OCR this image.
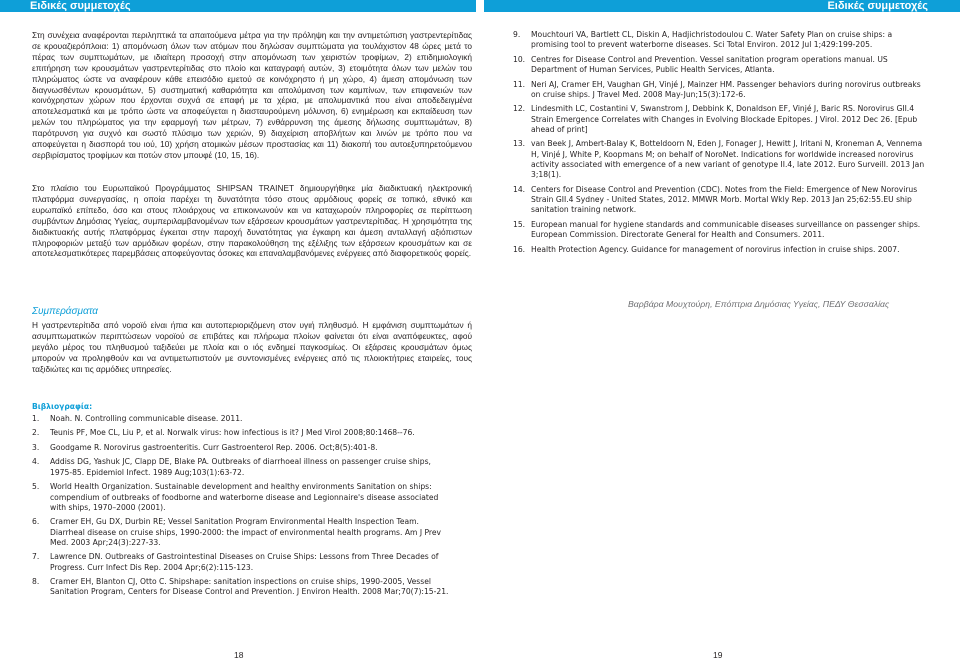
Ειδικές συμμετοχές	Ειδικές συμμετοχές

Στη συνέχεια αναφέρονται περιληπτικά τα απαιτούμενα μέτρα για την πρόληψη και την αντιμετώπιση γαστρεντερίτιδας σε κρουαζιερόπλοια: 1) απομόνωση όλων των ατόμων που δηλώσαν συμπτώματα για τουλάχιστον 48 ώρες μετά το πέρας των συμπτωμάτων, με ιδιαίτερη προσοχή στην απομόνωση των χειριστών τροφίμων, 2) επιδημιολογική επιτήρηση των κρουσμάτων γαστρεντερίτιδας στο πλοίο και καταγραφή αυτών, 3) ετοιμότητα όλων των μελών του πληρώματος ώστε να αναφέρουν κάθε επεισόδιο εμετού σε κοινόχρηστο ή μη χώρο, 4) άμεση απομόνωση των διαγνωσθέντων κρουσμάτων, 5) συστηματική καθαριότητα και απολύμανση των καμπίνων, των επιφανειών των κοινόχρηστων χώρων που έρχονται συχνά σε επαφή με τα χέρια, με απολυμαντικά που είναι αποδεδειγμένα αποτελεσματικά και με τρόπο ώστε να αποφεύγεται η διασταυρούμενη μόλυνση, 6) ενημέρωση και εκπαίδευση των μελών του πληρώματος για την εφαρμογή των μέτρων, 7) ενθάρρυνση της άμεσης δήλωσης συμπτωμάτων, 8) παρότρυνση για συχνό και σωστό πλύσιμο των χεριών, 9) διαχείριση αποβλήτων και λινών με τρόπο που να αποφεύγεται η διασπορά του ιού, 10) χρήση ατομικών μέσων προστασίας και 11) διακοπή του αυτοεξυπηρετούμενου σερβιρίσματος τροφίμων και ποτών στον μπουφέ (10, 15, 16).

Στο πλαίσιο του Ευρωπαϊκού Προγράμματος SHIPSAN TRAINET δημιουργήθηκε μία διαδικτυακή ηλεκτρονική πλατφόρμα συνεργασίας, η οποία παρέχει τη δυνατότητα τόσο στους αρμόδιους φορείς σε τοπικό, εθνικό και ευρωπαϊκό επίπεδο, όσο και στους πλοιάρχους να επικοινωνούν και να καταχωρούν πληροφορίες σε περίπτωση συμβάντων Δημόσιας Υγείας, συμπεριλαμβανομένων των εξάρσεων κρουσμάτων γαστρεντερίτιδας. Η χρησιμότητα της διαδικτυακής αυτής πλατφόρμας έγκειται στην παροχή δυνατότητας για έγκαιρη και άμεση ανταλλαγή αξιόπιστων πληροφοριών μεταξύ των αρμόδιων φορέων, στην παρακολούθηση της εξέλιξης των εξάρσεων κρουσμάτων και σε αποτελεσματικότερες παρεμβάσεις αποφεύγοντας όσοκες και επαναλαμβανόμενες ενέργειες από διαφορετικούς φορείς.

Συμπεράσματα

Η γαστρεντερίτιδα από νοροϊό είναι ήπια και αυτοπεριοριζόμενη στον υγιή πληθυσμό. Η εμφάνιση συμπτωμάτων ή ασυμπτωματικών περιπτώσεων νοροϊού σε επιβάτες και πλήρωμα πλοίων φαίνεται ότι είναι αναπόφευκτες, αφού μεγάλο μέρος του πληθυσμού ταξιδεύει με πλοία και ο ιός ενδημεί παγκοσμίως. Οι εξάρσεις κρουσμάτων όμως μπορούν να προληφθούν και να αντιμετωπιστούν με συντονισμένες ενέργειες από τις πλοιοκτήτριες εταιρείες, τους ταξιδιώτες και τις αρμόδιες υπηρεσίες.

Βιβλιογραφία:
1. Noah. N. Controlling communicable disease. 2011.
2. Teunis PF, Moe CL, Liu P, et al. Norwalk virus: how infectious is it? J Med Virol 2008;80:1468--76.
3. Goodgame R. Norovirus gastroenteritis. Curr Gastroenterol Rep. 2006. Oct;8(5):401-8.
4. Addiss DG, Yashuk JC, Clapp DE, Blake PA. Outbreaks of diarrhoeal illness on passenger cruise ships, 1975-85. Epidemiol Infect. 1989 Aug;103(1):63-72.
5. World Health Organization. Sustainable development and healthy environments Sanitation on ships: compendium of outbreaks of foodborne and waterborne disease and Legionnaire's disease associated with ships, 1970–2000 (2001).
6. Cramer EH, Gu DX, Durbin RE; Vessel Sanitation Program Environmental Health Inspection Team. Diarrheal disease on cruise ships, 1990-2000: the impact of environmental health programs. Am J Prev Med. 2003 Apr;24(3):227-33.
7. Lawrence DN. Outbreaks of Gastrointestinal Diseases on Cruise Ships: Lessons from Three Decades of Progress. Curr Infect Dis Rep. 2004 Apr;6(2):115-123.
8. Cramer EH, Blanton CJ, Otto C. Shipshape: sanitation inspections on cruise ships, 1990-2005, Vessel Sanitation Program, Centers for Disease Control and Prevention. J Environ Health. 2008 Mar;70(7):15-21.
9. Mouchtouri VA, Bartlett CL, Diskin A, Hadjichristodoulou C. Water Safety Plan on cruise ships: a promising tool to prevent waterborne diseases. Sci Total Environ. 2012 Jul 1;429:199-205.
10. Centres for Disease Control and Prevention. Vessel sanitation program operations manual. US Department of Human Services, Public Health Services, Atlanta.
11. Neri AJ, Cramer EH, Vaughan GH, Vinjé J, Mainzer HM. Passenger behaviors during norovirus outbreaks on cruise ships. J Travel Med. 2008 May-Jun;15(3):172-6.
12. Lindesmith LC, Costantini V, Swanstrom J, Debbink K, Donaldson EF, Vinjé J, Baric RS. Norovirus GII.4 Strain Emergence Correlates with Changes in Evolving Blockade Epitopes. J Virol. 2012 Dec 26. [Epub ahead of print]
13. van Beek J, Ambert-Balay K, Botteldoorn N, Eden J, Fonager J, Hewitt J, Iritani N, Kroneman A, Vennema H, Vinjé J, White P, Koopmans M; on behalf of NoroNet. Indications for worldwide increased norovirus activity associated with emergence of a new variant of genotype II.4, late 2012. Euro Surveill. 2013 Jan 3;18(1).
14. Centers for Disease Control and Prevention (CDC). Notes from the Field: Emergence of New Norovirus Strain GII.4 Sydney - United States, 2012. MMWR Morb. Mortal Wkly Rep. 2013 Jan 25;62:55.EU ship sanitation training network.
15. European manual for hygiene standards and communicable diseases surveillance on passenger ships. European Commission. Directorate General for Health and Consumers. 2011.
16. Health Protection Agency. Guidance for management of norovirus infection in cruise ships. 2007.
Βαρβάρα Μουχτούρη, Επόπτρια Δημόσιας Υγείας, ΠΕΔΥ Θεσσαλίας
18	19
